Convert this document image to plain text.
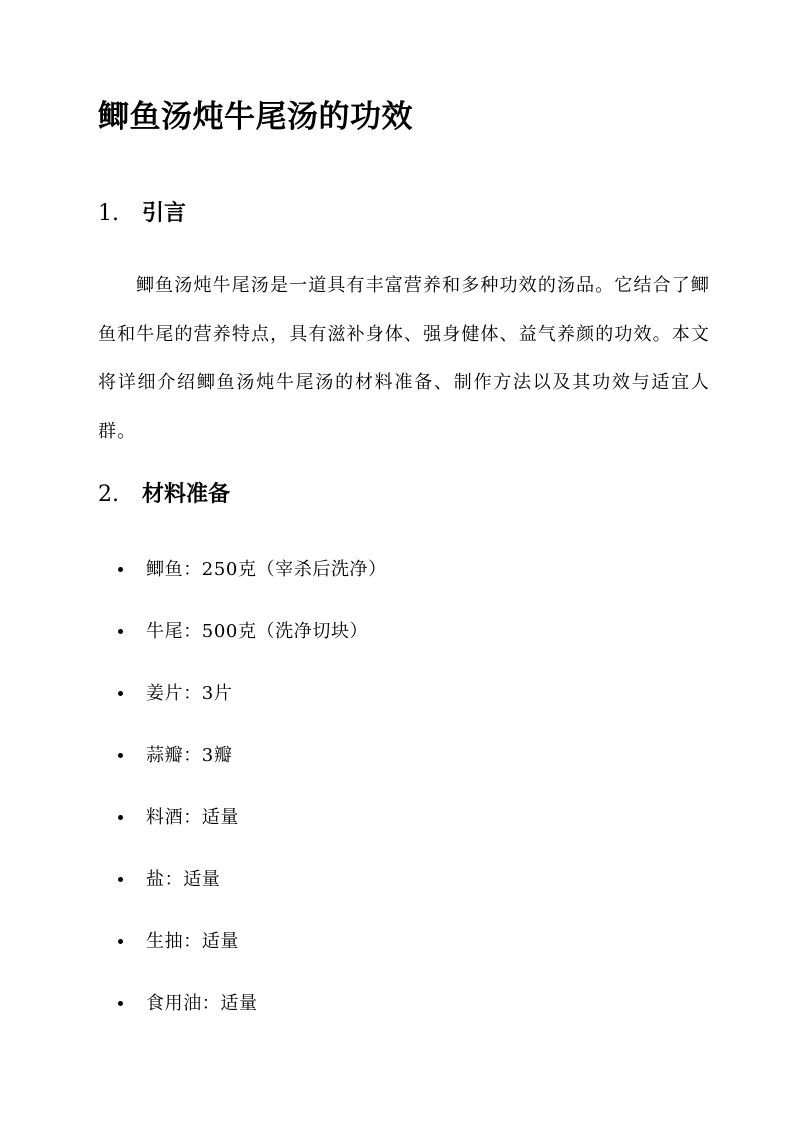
鲫鱼汤炖牛尾汤的功效
1.	引言

鲫鱼汤炖牛尾汤是一道具有丰富营养和多种功效的汤品。它结合了鲫鱼和牛尾的营养特点，具有滋补身体、强身健体、益气养颜的功效。本文将详细介绍鲫鱼汤炖牛尾汤的材料准备、制作方法以及其功效与适宜人群。

2.	材料准备
鲫鱼：250克（宰杀后洗净）
牛尾：500克（洗净切块）
姜片：3片
蒜瓣：3瓣
料酒：适量
盐：适量
生抽：适量
食用油：适量
